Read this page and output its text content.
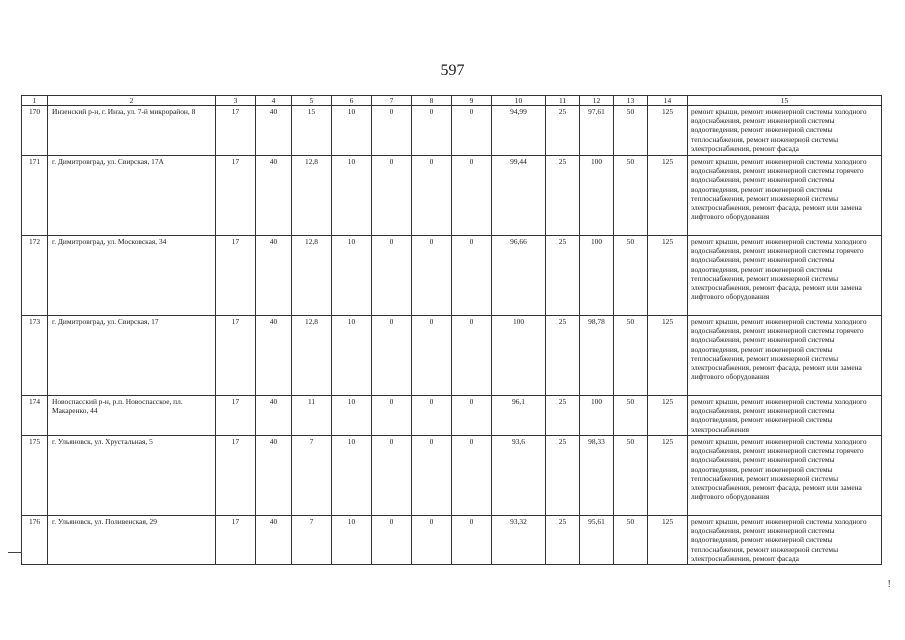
597
1	2	3	4	5	6	7	8	9	10	11	12	13	14	15
170	Инзенский р-н, г. Инза, ул. 7-й микрорайон, 8	17	40	15	10	0	0	0	94,99	25	97,61	50	125	ремонт крыши, ремонт инженерной системы холодного водоснабжения, ремонт инженерной системы водоотведения, ремонт инженерной системы теплоснабжения, ремонт инженерной системы электроснабжения, ремонт фасада
171	г. Димитровград, ул. Свирская, 17А	17	40	12,8	10	0	0	0	99,44	25	100	50	125	ремонт крыши, ремонт инженерной системы холодного водоснабжения, ремонт инженерной системы горячего водоснабжения, ремонт инженерной системы водоотведения, ремонт инженерной системы теплоснабжения, ремонт инженерной системы электроснабжения, ремонт фасада, ремонт или замена лифтового оборудования
172	г. Димитровград, ул. Московская, 34	17	40	12,8	10	0	0	0	96,66	25	100	50	125	ремонт крыши, ремонт инженерной системы холодного водоснабжения, ремонт инженерной системы горячего водоснабжения, ремонт инженерной системы водоотведения, ремонт инженерной системы теплоснабжения, ремонт инженерной системы электроснабжения, ремонт фасада, ремонт или замена лифтового оборудования
173	г. Димитровград, ул. Свирская, 17	17	40	12,8	10	0	0	0	100	25	98,78	50	125	ремонт крыши, ремонт инженерной системы холодного водоснабжения, ремонт инженерной системы горячего водоснабжения, ремонт инженерной системы водоотведения, ремонт инженерной системы теплоснабжения, ремонт инженерной системы электроснабжения, ремонт фасада, ремонт или замена лифтового оборудования
174	Новоспасский р-н, р.п. Новоспасское, пл. Макаренко, 44	17	40	11	10	0	0	0	96,1	25	100	50	125	ремонт крыши, ремонт инженерной системы холодного водоснабжения, ремонт инженерной системы водоотведения, ремонт инженерной системы электроснабжения
175	г. Ульяновск, ул. Хрустальная, 5	17	40	7	10	0	0	0	93,6	25	98,33	50	125	ремонт крыши, ремонт инженерной системы холодного водоснабжения, ремонт инженерной системы горячего водоснабжения, ремонт инженерной системы водоотведения, ремонт инженерной системы теплоснабжения, ремонт инженерной системы электроснабжения, ремонт фасада, ремонт или замена лифтового оборудования
176	г. Ульяновск, ул. Поливенская, 29	17	40	7	10	0	0	0	93,32	25	95,61	50	125	ремонт крыши, ремонт инженерной системы холодного водоснабжения, ремонт инженерной системы водоотведения, ремонт инженерной системы теплоснабжения, ремонт инженерной системы электроснабжения, ремонт фасада
!
